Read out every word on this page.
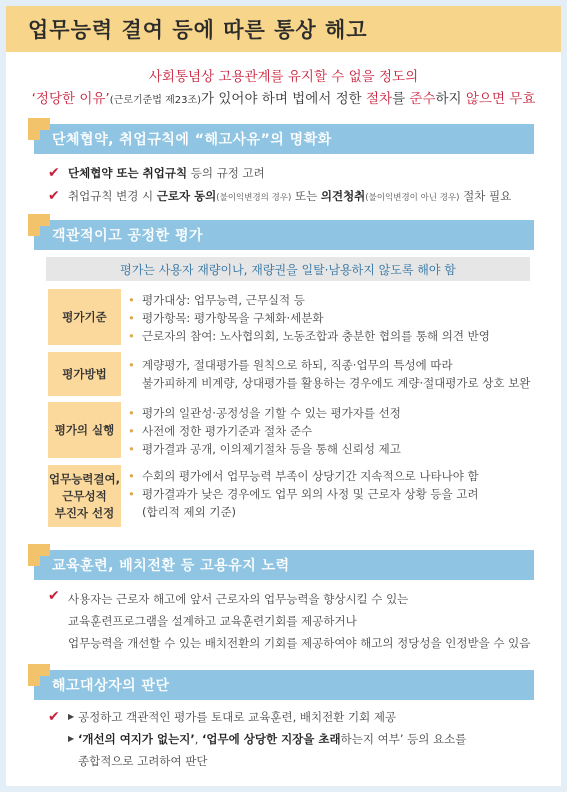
업무능력 결여 등에 따른 통상 해고
사회통념상 고용관계를 유지할 수 없을 정도의
‘정당한 이유’(근로기준법 제23조)가 있어야 하며 법에서 정한 절차를 준수하지 않으면 무효
단체협약, 취업규칙에 “해고사유”의 명확화
✔ 단체협약 또는 취업규칙 등의 규정 고려
✔ 취업규칙 변경 시 근로자 동의(불이익변경의 경우) 또는 의견청취(불이익변경이 아닌 경우) 절차 필요
객관적이고 공정한 평가
평가는 사용자 재량이나, 재량권을 일탈·남용하지 않도록 해야 함
평가기준
• 평가대상: 업무능력, 근무실적 등
• 평가항목: 평가항목을 구체화·세분화
• 근로자의 참여: 노사협의회, 노동조합과 충분한 협의를 통해 의견 반영
평가방법
• 계량평가, 절대평가를 원칙으로 하되, 직종·업무의 특성에 따라
불가피하게 비계량, 상대평가를 활용하는 경우에도 계량·절대평가로 상호 보완
평가의 실행
• 평가의 일관성·공정성을 기할 수 있는 평가자를 선정
• 사전에 정한 평가기준과 절차 준수
• 평가결과 공개, 이의제기절차 등을 통해 신뢰성 제고
업무능력결여,
근무성적
부진자 선정
• 수회의 평가에서 업무능력 부족이 상당기간 지속적으로 나타나야 함
• 평가결과가 낮은 경우에도 업무 외의 사정 및 근로자 상황 등을 고려
(합리적 제외 기준)
교육훈련, 배치전환 등 고용유지 노력
✔ 사용자는 근로자 해고에 앞서 근로자의 업무능력을 향상시킬 수 있는
교육훈련프로그램을 설계하고 교육훈련기회를 제공하거나
업무능력을 개선할 수 있는 배치전환의 기회를 제공하여야 해고의 정당성을 인정받을 수 있음
해고대상자의 판단
✔	▶ 공정하고 객관적인 평가를 토대로 교육훈련, 배치전환 기회 제공
▶ ‘개선의 여지가 없는지’, ‘업무에 상당한 지장을 초래하는지 여부’ 등의 요소를
종합적으로 고려하여 판단
